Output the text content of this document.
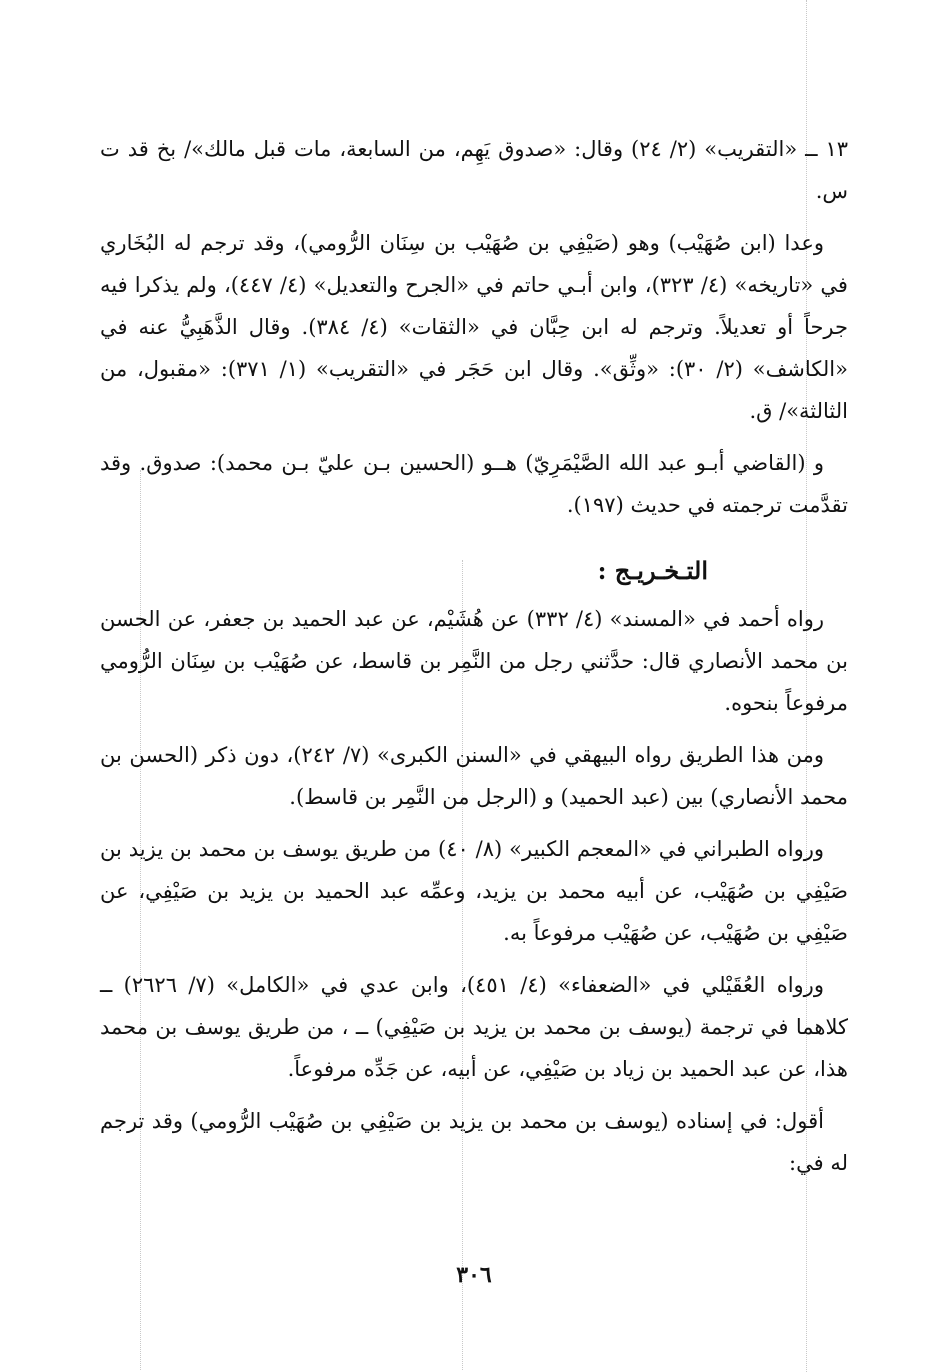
١٣ ــ «التقريب» (٢/ ٢٤) وقال: «صدوق يَهِم، من السابعة، مات قبل مالك»/ بخ قد ت س.

وعدا (ابن صُهَيْب) وهو (صَيْفِي بن صُهَيْب بن سِنَان الرُّومي)، وقد ترجم له البُخَاري في «تاريخه» (٤/ ٣٢٣)، وابن أبـي حاتم في «الجرح والتعديل» (٤/ ٤٤٧)، ولم يذكرا فيه جرحاً أو تعديلاً. وترجم له ابن حِبَّان في «الثقات» (٤/ ٣٨٤). وقال الذَّهَبِيُّ عنه في «الكاشف» (٢/ ٣٠): «وثِّق». وقال ابن حَجَر في «التقريب» (١/ ٣٧١): «مقبول، من الثالثة»/ ق.

و (القاضي أبـو عبد الله الصَّيْمَرِيّ) هــو (الحسين بـن عليّ بـن محمد): صدوق. وقد تقدَّمت ترجمته في حديث (١٩٧).

التـخـريـج :

رواه أحمد في «المسند» (٤/ ٣٣٢) عن هُشَيْم، عن عبد الحميد بن جعفر، عن الحسن بن محمد الأنصاري قال: حدَّثني رجل من النَّمِر بن قاسط، عن صُهَيْب بن سِنَان الرُّومي مرفوعاً بنحوه.

ومن هذا الطريق رواه البيهقي في «السنن الكبرى» (٧/ ٢٤٢)، دون ذكر (الحسن بن محمد الأنصاري) بين (عبد الحميد) و (الرجل من النَّمِر بن قاسط).

ورواه الطبراني في «المعجم الكبير» (٨/ ٤٠) من طريق يوسف بن محمد بن يزيد بن صَيْفِي بن صُهَيْب، عن أبيه محمد بن يزيد، وعمِّه عبد الحميد بن يزيد بن صَيْفِي، عن صَيْفِي بن صُهَيْب، عن صُهَيْب مرفوعاً به.

ورواه العُقَيْلي في «الضعفاء» (٤/ ٤٥١)، وابن عدي في «الكامل» (٧/ ٢٦٢٦) ــ كلاهما في ترجمة (يوسف بن محمد بن يزيد بن صَيْفِي) ــ ، من طريق يوسف بن محمد هذا، عن عبد الحميد بن زياد بن صَيْفِي، عن أبيه، عن جَدِّه مرفوعاً.

أقول: في إسناده (يوسف بن محمد بن يزيد بن صَيْفِي بن صُهَيْب الرُّومي) وقد ترجم له في:

٣٠٦
